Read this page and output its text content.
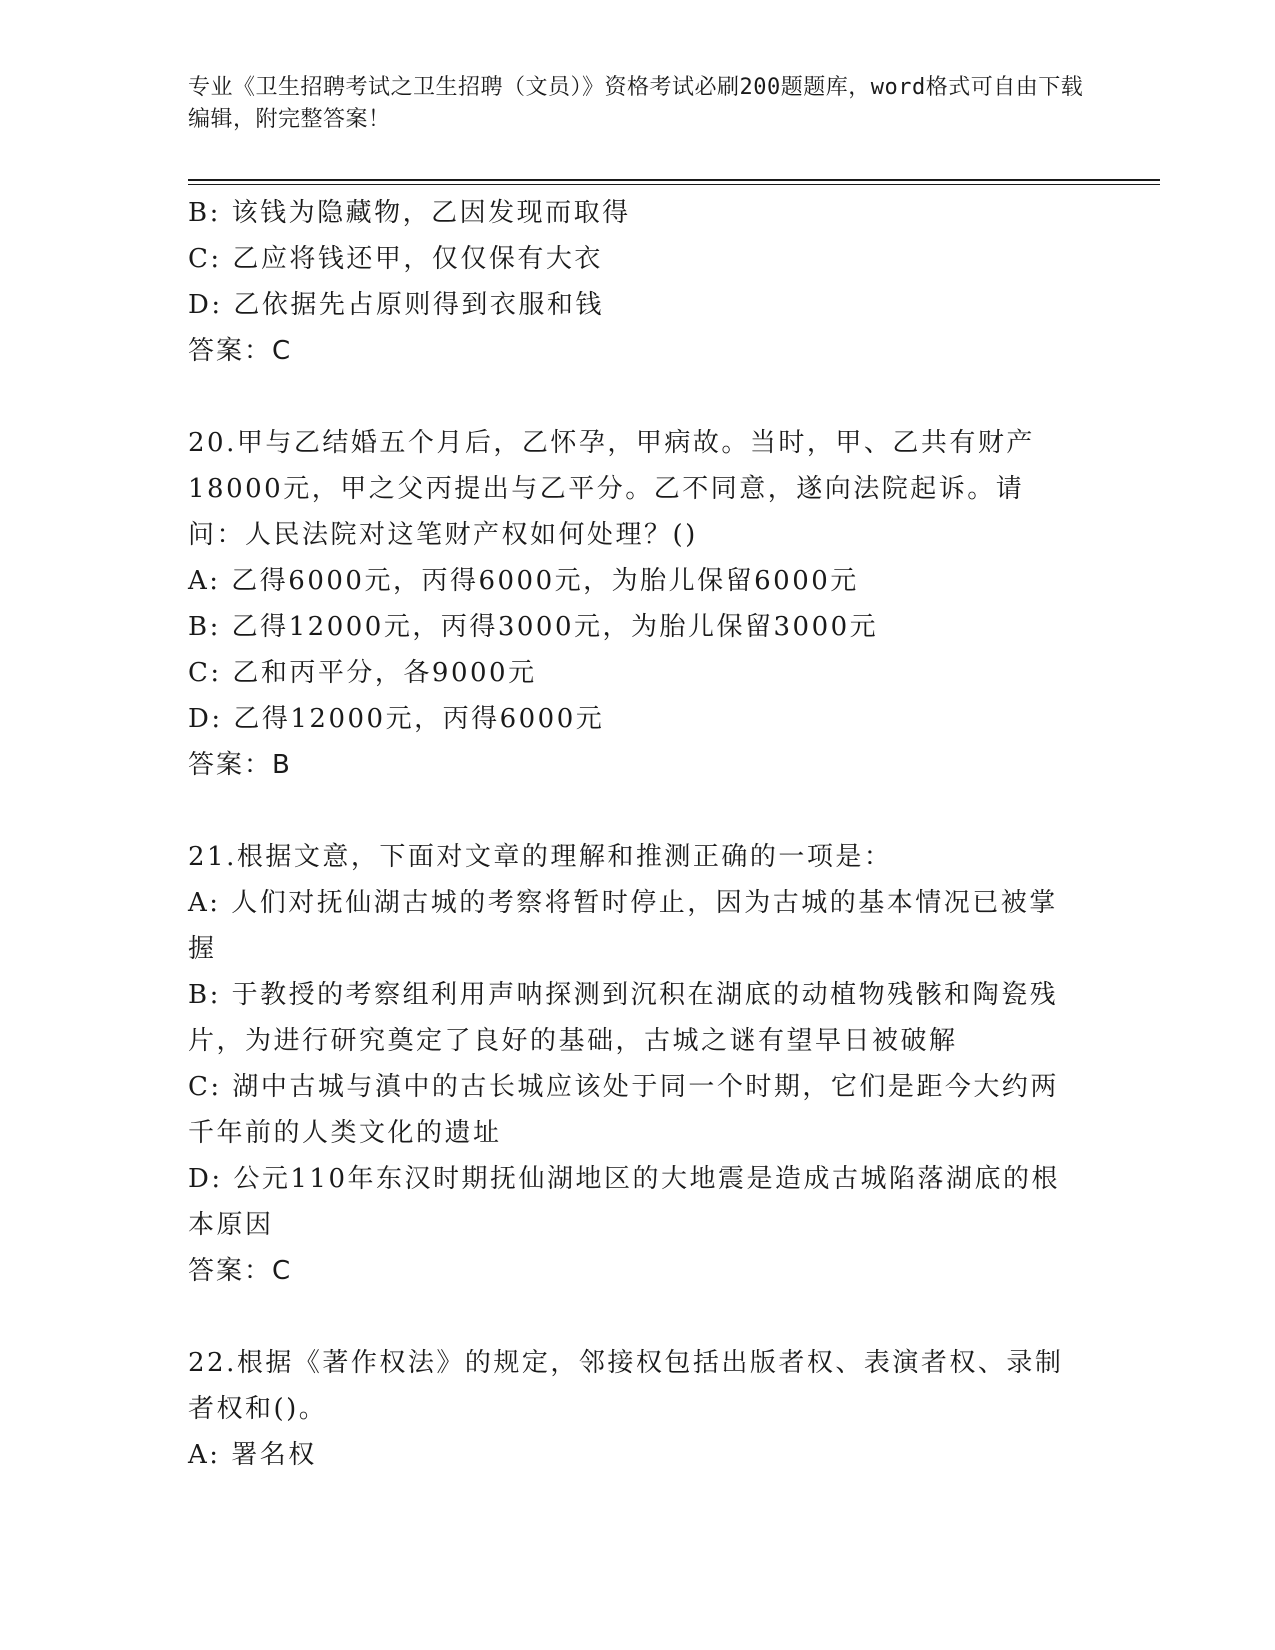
专业《卫生招聘考试之卫生招聘（文员）》资格考试必刷200题题库，word格式可自由下载编辑，附完整答案！

B: 该钱为隐藏物，乙因发现而取得

C: 乙应将钱还甲，仅仅保有大衣

D: 乙依据先占原则得到衣服和钱

答案：C

20.甲与乙结婚五个月后，乙怀孕，甲病故。当时，甲、乙共有财产18000元，甲之父丙提出与乙平分。乙不同意，遂向法院起诉。请问：人民法院对这笔财产权如何处理？()

A: 乙得6000元，丙得6000元，为胎儿保留6000元

B: 乙得12000元，丙得3000元，为胎儿保留3000元

C: 乙和丙平分，各9000元

D: 乙得12000元，丙得6000元

答案：B

21.根据文意，下面对文章的理解和推测正确的一项是：

A: 人们对抚仙湖古城的考察将暂时停止，因为古城的基本情况已被掌握

B: 于教授的考察组利用声呐探测到沉积在湖底的动植物残骸和陶瓷残片，为进行研究奠定了良好的基础，古城之谜有望早日被破解

C: 湖中古城与滇中的古长城应该处于同一个时期，它们是距今大约两千年前的人类文化的遗址

D: 公元110年东汉时期抚仙湖地区的大地震是造成古城陷落湖底的根本原因

答案：C

22.根据《著作权法》的规定，邻接权包括出版者权、表演者权、录制者权和()。

A: 署名权
